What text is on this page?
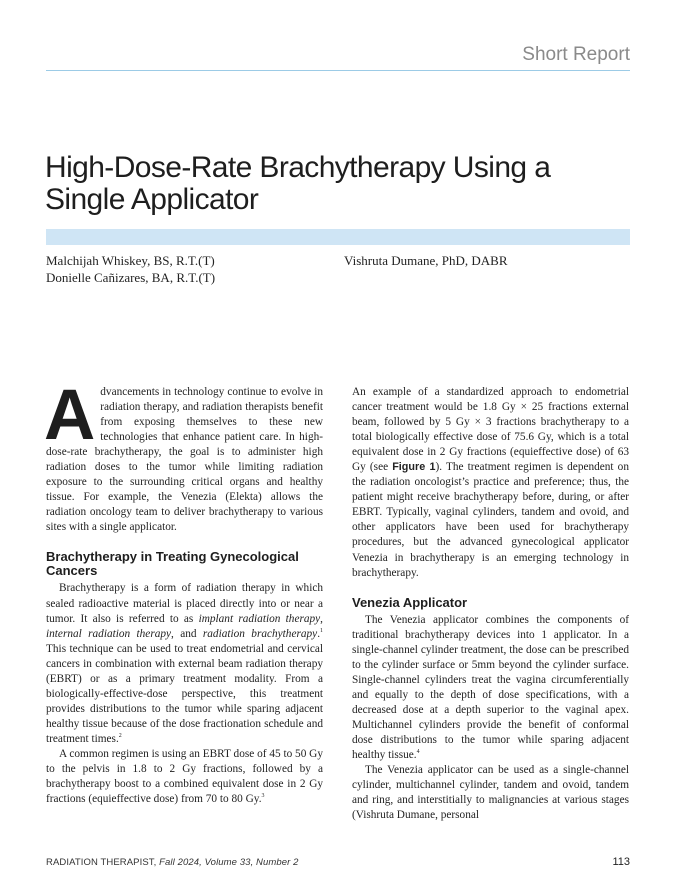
Short Report
High-Dose-Rate Brachytherapy Using a Single Applicator
Malchijah Whiskey, BS, R.T.(T)
Donielle Cañizares, BA, R.T.(T)
Vishruta Dumane, PhD, DABR

Advancements in technology continue to evolve in radiation therapy, and radiation therapists benefit from exposing themselves to these new technologies that enhance patient care. In high-dose-rate brachytherapy, the goal is to administer high radiation doses to the tumor while limiting radiation exposure to the surrounding critical organs and healthy tissue. For example, the Venezia (Elekta) allows the radiation oncology team to deliver brachytherapy to various sites with a single applicator.

Brachytherapy in Treating Gynecological Cancers

Brachytherapy is a form of radiation therapy in which sealed radioactive material is placed directly into or near a tumor. It also is referred to as implant radiation therapy, internal radiation therapy, and radiation brachytherapy.$^1$ This technique can be used to treat endometrial and cervical cancers in combination with external beam radiation therapy (EBRT) or as a primary treatment modality. From a biologically-effective-dose perspective, this treatment provides distributions to the tumor while sparing adjacent healthy tissue because of the dose fractionation schedule and treatment times.$^2$

A common regimen is using an EBRT dose of 45 to 50 Gy to the pelvis in 1.8 to 2 Gy fractions, followed by a brachytherapy boost to a combined equivalent dose in 2 Gy fractions (equieffective dose) from 70 to 80 Gy.$^3$

An example of a standardized approach to endometrial cancer treatment would be 1.8 Gy × 25 fractions external beam, followed by 5 Gy × 3 fractions brachytherapy to a total biologically effective dose of 75.6 Gy, which is a total equivalent dose in 2 Gy fractions (equieffective dose) of 63 Gy (see Figure 1). The treatment regimen is dependent on the radiation oncologist’s practice and preference; thus, the patient might receive brachytherapy before, during, or after EBRT. Typically, vaginal cylinders, tandem and ovoid, and other applicators have been used for brachytherapy procedures, but the advanced gynecological applicator Venezia in brachytherapy is an emerging technology in brachytherapy.

Venezia Applicator

The Venezia applicator combines the components of traditional brachytherapy devices into 1 applicator. In a single-channel cylinder treatment, the dose can be prescribed to the cylinder surface or 5mm beyond the cylinder surface. Single-channel cylinders treat the vagina circumferentially and equally to the depth of dose specifications, with a decreased dose at a depth superior to the vaginal apex. Multichannel cylinders provide the benefit of conformal dose distributions to the tumor while sparing adjacent healthy tissue.$^4$

The Venezia applicator can be used as a single-channel cylinder, multichannel cylinder, tandem and ovoid, tandem and ring, and interstitially to malignancies at various stages (Vishruta Dumane, personal

RADIATION THERAPIST, Fall 2024, Volume 33, Number 2	113
